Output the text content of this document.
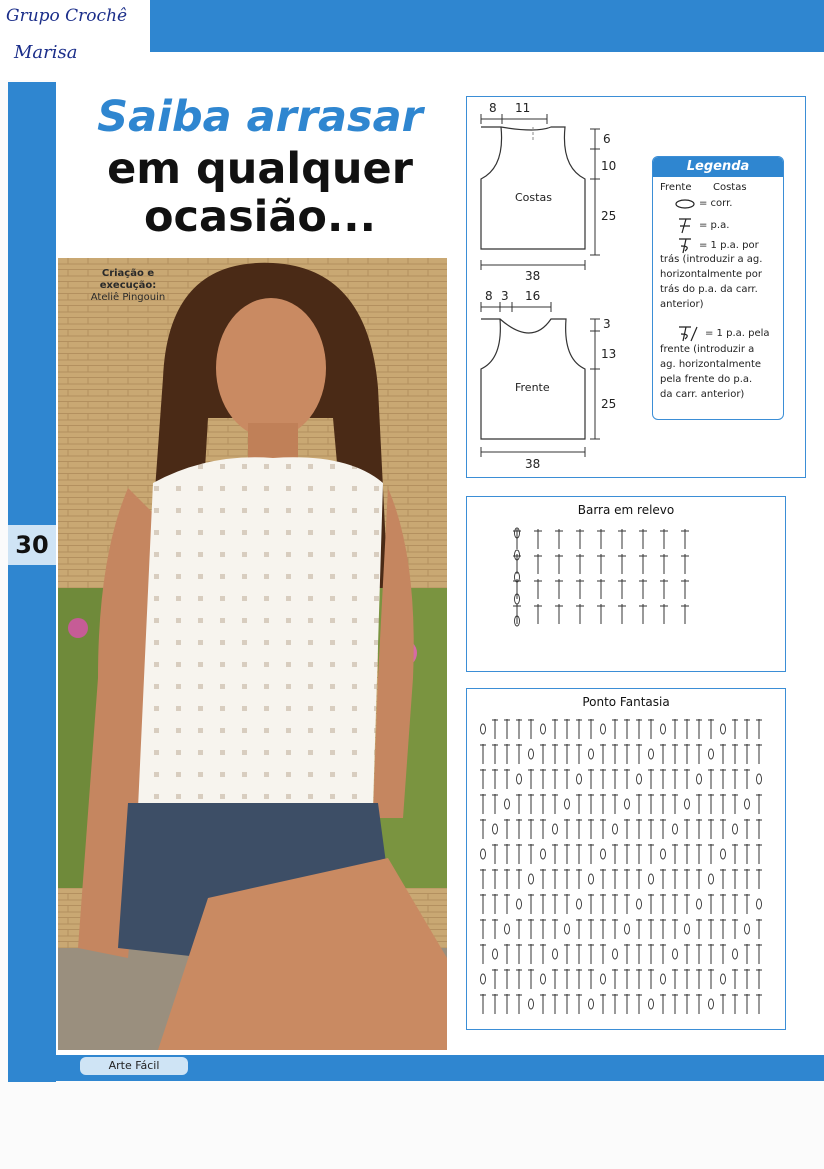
Grupo Crochê
Marisa
30
Saiba arrasar
em qualquer
ocasião...
Criação e
execução:
Ateliê Pingouin
8 11
6
10
25
Costas
38
8 3 16
3
13
25
Frente
38
Legenda
Frente Costas
= corr.
= p.a.
= 1 p.a. por
trás (introduzir a ag.
horizontalmente por
trás do p.a. da carr.
anterior)
= 1 p.a. pela
frente (introduzir a
ag. horizontalmente
pela frente do p.a.
da carr. anterior)
Barra em relevo
Ponto Fantasia
Arte Fácil
